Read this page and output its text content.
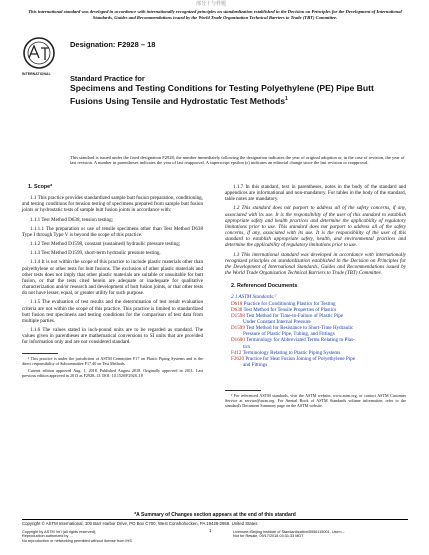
部分十与样题
This international standard was developed in accordance with internationally recognized principles on standardization established in the Decision on Principles for the Development of International Standards, Guides and Recommendations issued by the World Trade Organization Technical Barriers to Trade (TBT) Committee.
INTERNATIONAL
Designation: F2928 – 18
Standard Practice for
Specimens and Testing Conditions for Testing Polyethylene (PE) Pipe Butt Fusions Using Tensile and Hydrostatic Test Methods$^1$
This standard is issued under the fixed designation F2928; the number immediately following the designation indicates the year of original adoption or, in the case of revision, the year of last revision. A number in parentheses indicates the year of last reapproval. A superscript epsilon (ε) indicates an editorial change since the last revision or reapproval.
1. Scope*
1.1 This practice provides standardized sample butt fusion preparation, conditioning, and testing conditions for tension testing of specimens prepared from sample butt fusion joints or hydrostatic tests of sample butt fusion joints in accordance with:
1.1.1 Test Method D638, tension testing;
1.1.1.1 The preparation or use of tensile specimens other than Test Method D638 Type I through Type V is beyond the scope of this practice.
1.1.2 Test Method D1598, constant (sustained) hydraulic pressure testing;
1.1.3 Test Method D1599, short-term hydraulic pressure testing.
1.1.4 It is not within the scope of this practice to include plastic materials other than polyethylene or other tests for butt fusions. The exclusion of other plastic materials and other tests does not imply that other plastic materials are suitable or unsuitable for butt fusion, or that the tests cited herein are adequate or inadequate for qualitative characterization and/or research and development of butt fusion joints, or that other tests do not have lesser, equal, or greater utility for such purpose.
1.1.5 The evaluation of test results and the determination of test result evaluation criteria are not within the scope of this practice. This practice is limited to standardized butt fusion test specimens and testing conditions for the comparison of test data from multiple parties.
1.1.6 The values stated in inch-pound units are to be regarded as standard. The values given in parentheses are mathematical conversions to SI units that are provided for information only and are not considered standard.
¹ This practice is under the jurisdiction of ASTM Committee F17 on Plastic Piping Systems and is the direct responsibility of Subcommittee F17.40 on Test Methods.
Current edition approved Aug. 1, 2018. Published August 2018. Originally approved in 2011. Last previous edition approved in 2013 as F2928–13. DOI: 10.1520/F2928–18
1.1.7 In this standard, text in parentheses, notes in the body of the standard and appendices are informational and non-mandatory. For tables in the body of the standard, table notes are mandatory.
1.2 This standard does not purport to address all of the safety concerns, if any, associated with its use. It is the responsibility of the user of this standard to establish appropriate safety and health practices and determine the applicability of regulatory limitations prior to use. This standard does not purport to address all of the safety concerns, if any, associated with its use. It is the responsibility of the user of this standard to establish appropriate safety, health, and environmental practices and determine the applicability of regulatory limitations prior to use.
1.3 This international standard was developed in accordance with internationally recognized principles on standardization established in the Decision on Principles for the Development of International Standards, Guides and Recommendations issued by the World Trade Organization Technical Barriers to Trade (TBT) Committee.
2. Referenced Documents
2.1 ASTM Standards:²
D618 Practice for Conditioning Plastics for Testing
D638 Test Method for Tensile Properties of Plastics
D1598 Test Method for Time-to-Failure of Plastic Pipe
Under Constant Internal Pressure
D1599 Test Method for Resistance to Short-Time Hydraulic
Pressure of Plastic Pipe, Tubing, and Fittings
D1600 Terminology for Abbreviated Terms Relating to Plas-
tics
F412 Terminology Relating to Plastic Piping Systems
F2620 Practice for Heat Fusion Joining of Polyethylene Pipe
and Fittings
² For referenced ASTM standards, visit the ASTM website, www.astm.org, or contact ASTM Customer Service at service@astm.org. For Annual Book of ASTM Standards volume information, refer to the standard's Document Summary page on the ASTM website.
*A Summary of Changes section appears at the end of this standard
Copyright © ASTM International, 100 Barr Harbor Drive, PO Box C700, West Conshohocken, PA 19428-2959. United States
1
Copyright by ASTM Int'l (all rights reserved);
Reproduction authorized by ...
No reproduction or networking permitted without license from IHS
Licensee=Beijing Institute of Standardization/5956115001, User=...
Not for Resale, 09/17/2018 03:31:33 MDT
